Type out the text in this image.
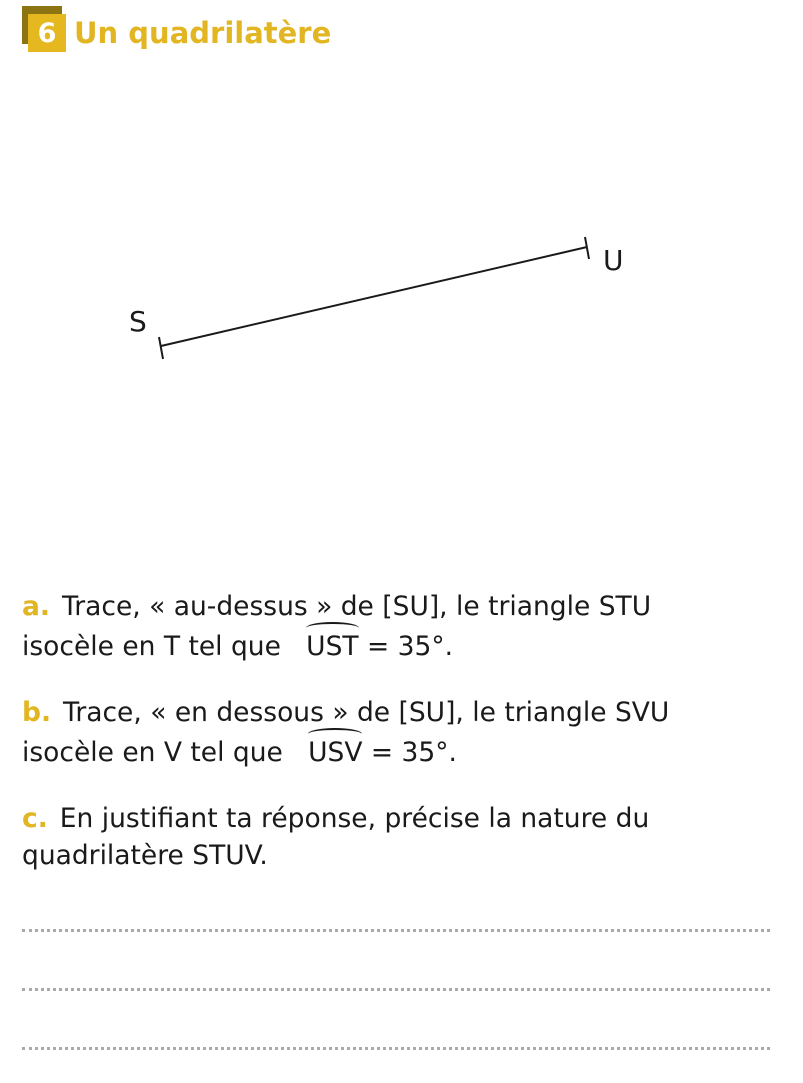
6 Un quadrilatère
S
U
a. Trace, « au-dessus » de [SU], le triangle STU
isocèle en T tel que UST = 35°.
b. Trace, « en dessous » de [SU], le triangle SVU
isocèle en V tel que USV = 35°.
c. En justifiant ta réponse, précise la nature du
quadrilatère STUV.
